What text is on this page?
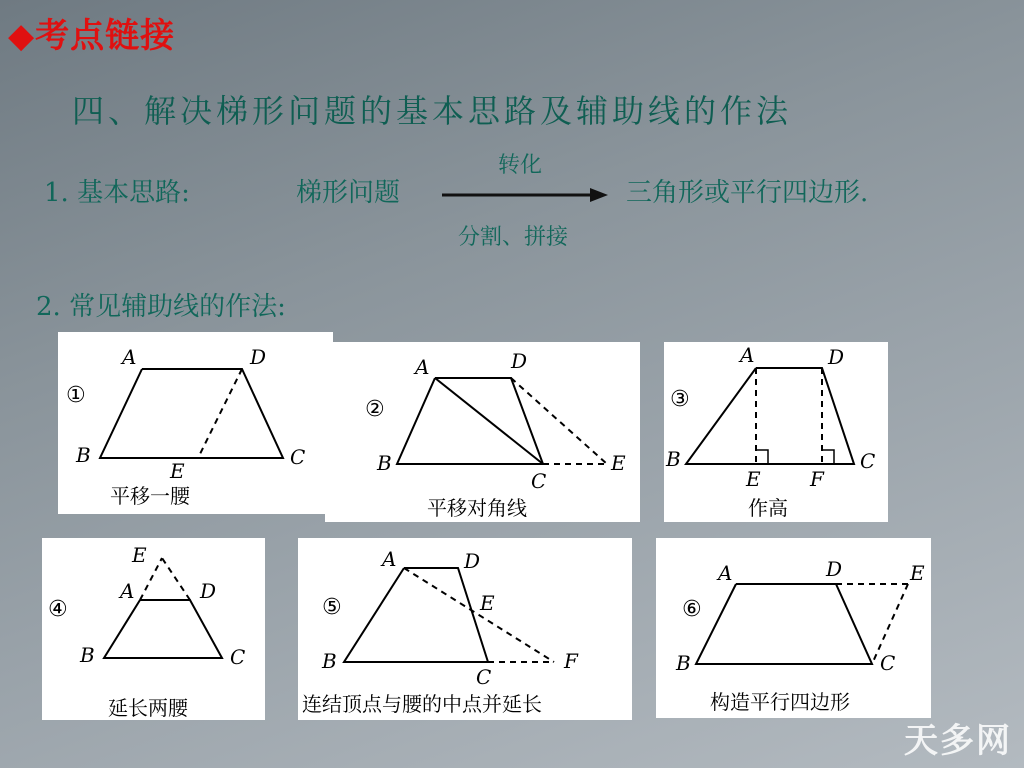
◆考点链接
四、解决梯形问题的基本思路及辅助线的作法
1. 基本思路:	梯形问题
转化
分割、拼接
三角形或平行四边形.
2. 常见辅助线的作法:
①
A	D
B	C
E
平移一腰
②
A	D
B
C
E
平移对角线
③
A	D
B	C
E F
作高
④
E
A	D
B	C
延长两腰
⑤
A	D
E
B
C
F
连结顶点与腰的中点并延长
⑥
A	D	E
B	C
构造平行四边形
天多网
